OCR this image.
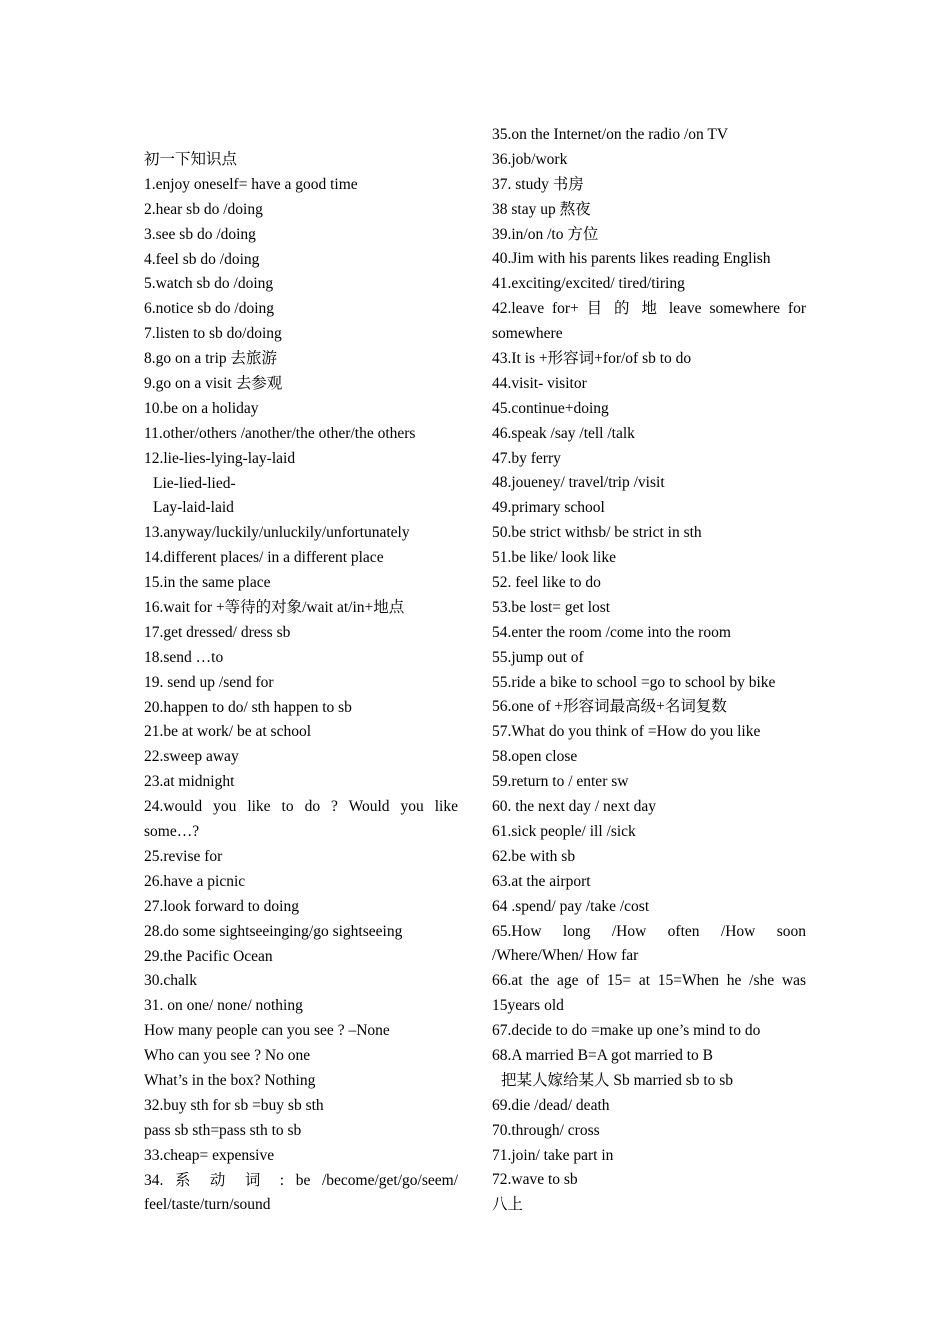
初一下知识点
1.enjoy oneself= have a good time
2.hear sb do /doing
3.see sb do /doing
4.feel sb do /doing
5.watch sb do /doing
6.notice sb do /doing
7.listen to sb do/doing
8.go on a trip 去旅游
9.go on a visit 去参观
10.be on a holiday
11.other/others /another/the other/the others
12.lie-lies-lying-lay-laid
Lie-lied-lied-
Lay-laid-laid
13.anyway/luckily/unluckily/unfortunately
14.different places/ in a different place
15.in the same place
16.wait for +等待的对象/wait at/in+地点
17.get dressed/ dress sb
18.send …to
19. send up /send for
20.happen to do/ sth happen to sb
21.be at work/ be at school
22.sweep away
23.at midnight
24.would you like to do ? Would you like
some…?
25.revise for
26.have a picnic
27.look forward to doing
28.do some sightseeinging/go sightseeing
29.the Pacific Ocean
30.chalk
31. on one/ none/ nothing
How many people can you see ? –None
Who can you see ? No one
What’s in the box? Nothing
32.buy sth for sb =buy sb sth
pass sb sth=pass sth to sb
33.cheap= expensive
34. 系 动 词 : be /become/get/go/seem/
feel/taste/turn/sound
35.on the Internet/on the radio /on TV
36.job/work
37. study 书房
38 stay up 熬夜
39.in/on /to 方位
40.Jim with his parents likes reading English
41.exciting/excited/ tired/tiring
42.leave for+ 目 的 地 leave somewhere for
somewhere
43.It is +形容词+for/of sb to do
44.visit- visitor
45.continue+doing
46.speak /say /tell /talk
47.by ferry
48.joueney/ travel/trip /visit
49.primary school
50.be strict withsb/ be strict in sth
51.be like/ look like
52. feel like to do
53.be lost= get lost
54.enter the room /come into the room
55.jump out of
55.ride a bike to school =go to school by bike
56.one of +形容词最高级+名词复数
57.What do you think of =How do you like
58.open close
59.return to / enter sw
60. the next day / next day
61.sick people/ ill /sick
62.be with sb
63.at the airport
64 .spend/ pay /take /cost
65.How long /How often /How soon
/Where/When/ How far
66.at the age of 15= at 15=When he /she was
15years old
67.decide to do =make up one’s mind to do
68.A married B=A got married to B
把某人嫁给某人 Sb married sb to sb
69.die /dead/ death
70.through/ cross
71.join/ take part in
72.wave to sb
八上
